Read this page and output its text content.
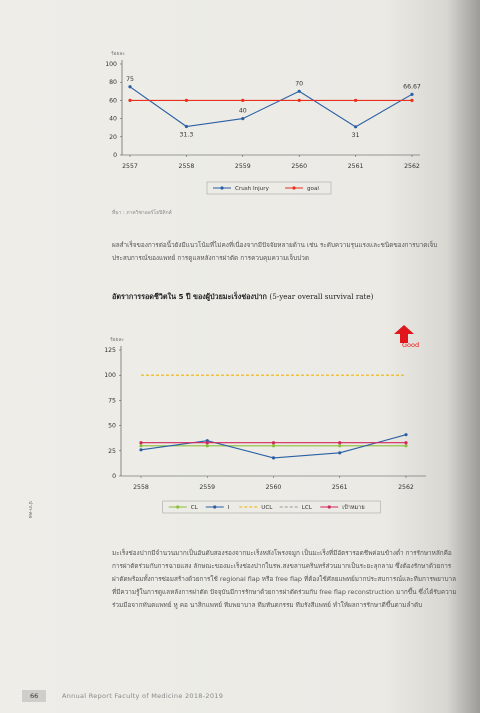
ร้อยละ
0
20
40
60
80
100
2557	2558	2559	2560	2561	2562
75
31.3
40
70
31
66.67
Crush Injury	goal
ที่มา : ภาควิชาออร์โธปิดิกส์
ผลสำเร็จของการต่อนิ้วยังมีแนวโน้มที่ไม่คงที่เนื่องจากมีปัจจัยหลายด้าน เช่น ระดับความรุนแรงและชนิดของการบาดเจ็บ ประสบการณ์ของแพทย์ การดูแลหลังการผ่าตัด การควบคุมความเจ็บปวด
อัตราการรอดชีวิตใน 5 ปี ของผู้ป่วยมะเร็งช่องปาก (5-year overall survival rate)
Good
ร้อยละ
0
25
50
75
100
125
2558	2559	2560	2561	2562
CL	I	UCL	LCL	เป้าหมาย
ปาก-คอ
มะเร็งช่องปากมีจำนวนมากเป็นอันดับสองรองจากมะเร็งหลังโพรงจมูก เป็นมะเร็งที่มีอัตรารอดชีพค่อนข้างต่ำ การรักษาหลักคือการผ่าตัดร่วมกับการฉายแสง ลักษณะของมะเร็งช่องปากในรพ.สงขลานครินทร์ส่วนมากเป็นระยะลุกลาม ซึ่งต้องรักษาด้วยการผ่าตัดพร้อมทั้งการซ่อมสร้างด้วยการใช้ regional flap หรือ free flap ที่ต้องใช้ศัลยแพทย์มากประสบการณ์และทีมการพยาบาลที่มีความรู้ในการดูแลหลังการผ่าตัด ปัจจุบันมีการรักษาด้วยการผ่าตัดร่วมกับ free flap reconstruction มากขึ้น ซึ่งได้รับความร่วมมือจากทันตแพทย์ หู คอ นาสิกแพทย์ ทีมพยาบาล ทีมทันตกรรม ทีมรังสีแพทย์ ทำให้ผลการรักษาดีขึ้นตามลำดับ
66	Annual Report Faculty of Medicine 2018-2019
